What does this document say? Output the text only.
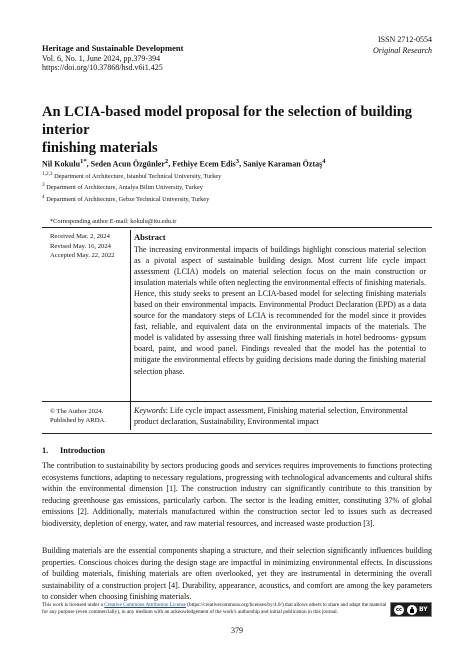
ISSN 2712-0554
Original Research
Heritage and Sustainable Development
Vol. 6, No. 1, June 2024, pp.379-394
https://doi.org/10.37868/hsd.v6i1.425
An LCIA-based model proposal for the selection of building interior
finishing materials
Nil Kokulu$^{1*}$, Seden Acun Özgünler$^2$, Fethiye Ecem Edis$^3$, Saniye Karaman Öztaş$^4$
$^{1,2,3}$ Department of Architecture, Istanbul Technical University, Turkey
$^3$ Department of Architecture, Antalya Bilim University, Turkey
$^4$ Department of Architecture, Gebze Technical University, Turkey
*Corresponding author E-mail: kokulu@itu.edu.tr
Received Mar. 2, 2024
Revised May. 16, 2024
Accepted May. 22, 2022
Abstract
The increasing environmental impacts of buildings highlight conscious material selection as a pivotal aspect of sustainable building design. Most current life cycle impact assessment (LCIA) models on material selection focus on the main construction or insulation materials while often neglecting the environmental effects of finishing materials. Hence, this study seeks to present an LCIA-based model for selecting finishing materials based on their environmental impacts. Environmental Product Declaration (EPD) as a data source for the mandatory steps of LCIA is recommended for the model since it provides fast, reliable, and equivalent data on the environmental impacts of the materials. The model is validated by assessing three wall finishing materials in hotel bedrooms- gypsum board, paint, and wood panel. Findings revealed that the model has the potential to mitigate the environmental effects by guiding decisions made during the finishing material selection phase.
© The Author 2024.
Published by ARDA.
Keywords: Life cycle impact assessment, Finishing material selection, Environmental product declaration, Sustainability, Environmental impact
1. Introduction
The contribution to sustainability by sectors producing goods and services requires improvements to functions protecting ecosystems functions, adapting to necessary regulations, progressing with technological advancements and cultural shifts within the environmental dimension [1]. The construction industry can significantly contribute to this transition by reducing greenhouse gas emissions, particularly carbon. The sector is the leading emitter, constituting 37% of global emissions [2]. Additionally, materials manufactured within the construction sector led to issues such as decreased biodiversity, depletion of energy, water, and raw material resources, and increased waste production [3].
Building materials are the essential components shaping a structure, and their selection significantly influences building properties. Conscious choices during the design stage are impactful in minimizing environmental effects. In discussions of building materials, finishing materials are often overlooked, yet they are instrumental in determining the overall sustainability of a construction project [4]. Durability, appearance, acoustics, and comfort are among the key parameters to consider when choosing finishing materials.
This work is licensed under a Creative Commons Attribution License (https://creativecommons.org/licenses/by/4.0/) that allows others to share and adapt the material for any purpose (even commercially), in any medium with an acknowledgement of the work's authorship and initial publication in this journal.	cc	BY
379
